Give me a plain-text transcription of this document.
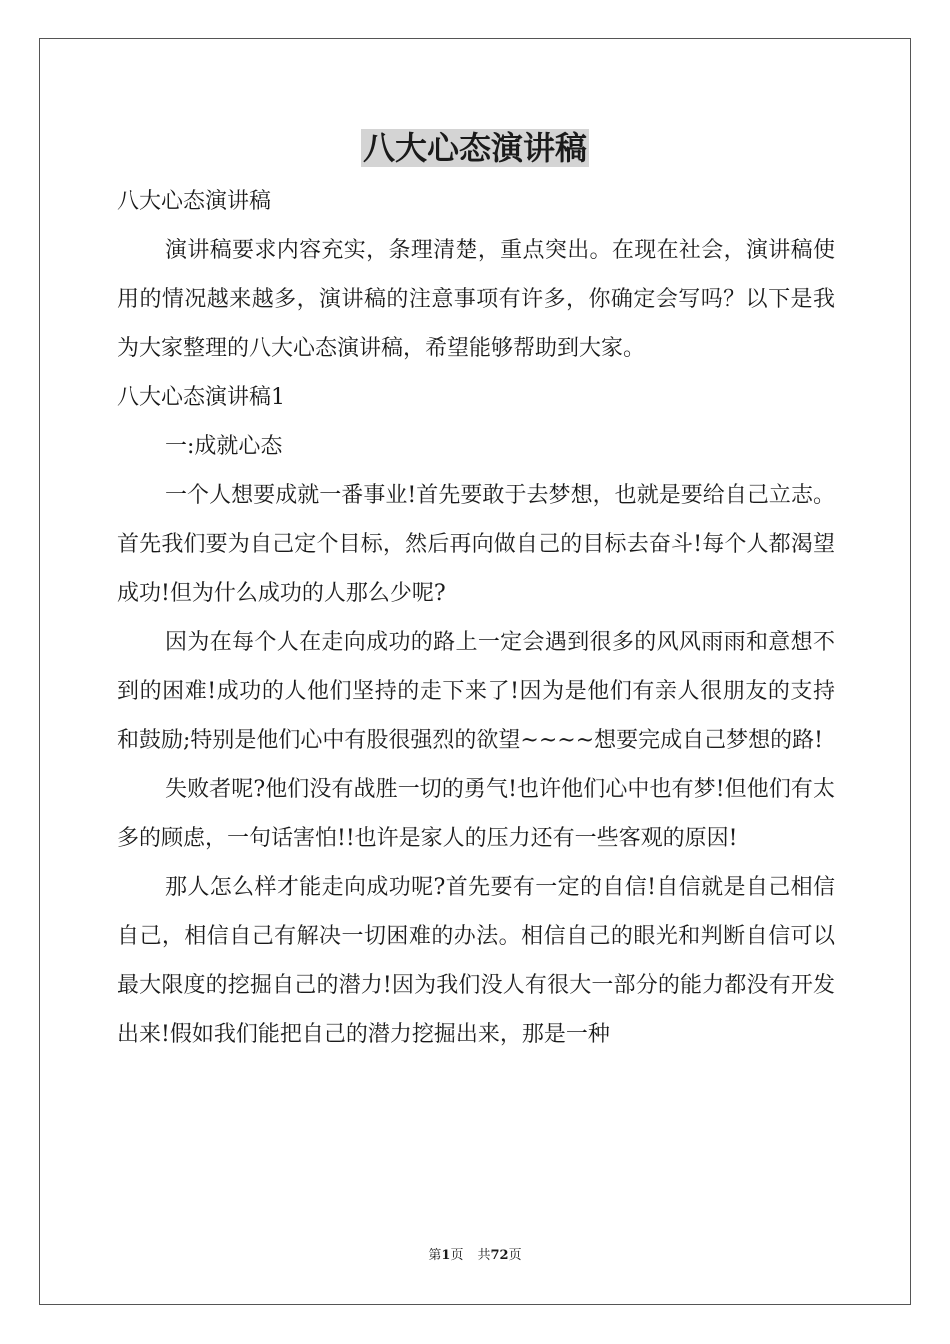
八大心态演讲稿

八大心态演讲稿

演讲稿要求内容充实，条理清楚，重点突出。在现在社会，演讲稿使用的情况越来越多，演讲稿的注意事项有许多，你确定会写吗？以下是我为大家整理的八大心态演讲稿，希望能够帮助到大家。

八大心态演讲稿1

一:成就心态

一个人想要成就一番事业!首先要敢于去梦想，也就是要给自己立志。首先我们要为自己定个目标，然后再向做自己的目标去奋斗!每个人都渴望成功!但为什么成功的人那么少呢?

因为在每个人在走向成功的路上一定会遇到很多的风风雨雨和意想不到的困难!成功的人他们坚持的走下来了!因为是他们有亲人很朋友的支持和鼓励;特别是他们心中有股很强烈的欲望~~~~想要完成自己梦想的路!

失败者呢?他们没有战胜一切的勇气!也许他们心中也有梦!但他们有太多的顾虑，一句话害怕!!也许是家人的压力还有一些客观的原因!

那人怎么样才能走向成功呢?首先要有一定的自信!自信就是自己相信自己，相信自己有解决一切困难的办法。相信自己的眼光和判断自信可以最大限度的挖掘自己的潜力!因为我们没人有很大一部分的能力都没有开发出来!假如我们能把自己的潜力挖掘出来，那是一种

第1页 共72页
